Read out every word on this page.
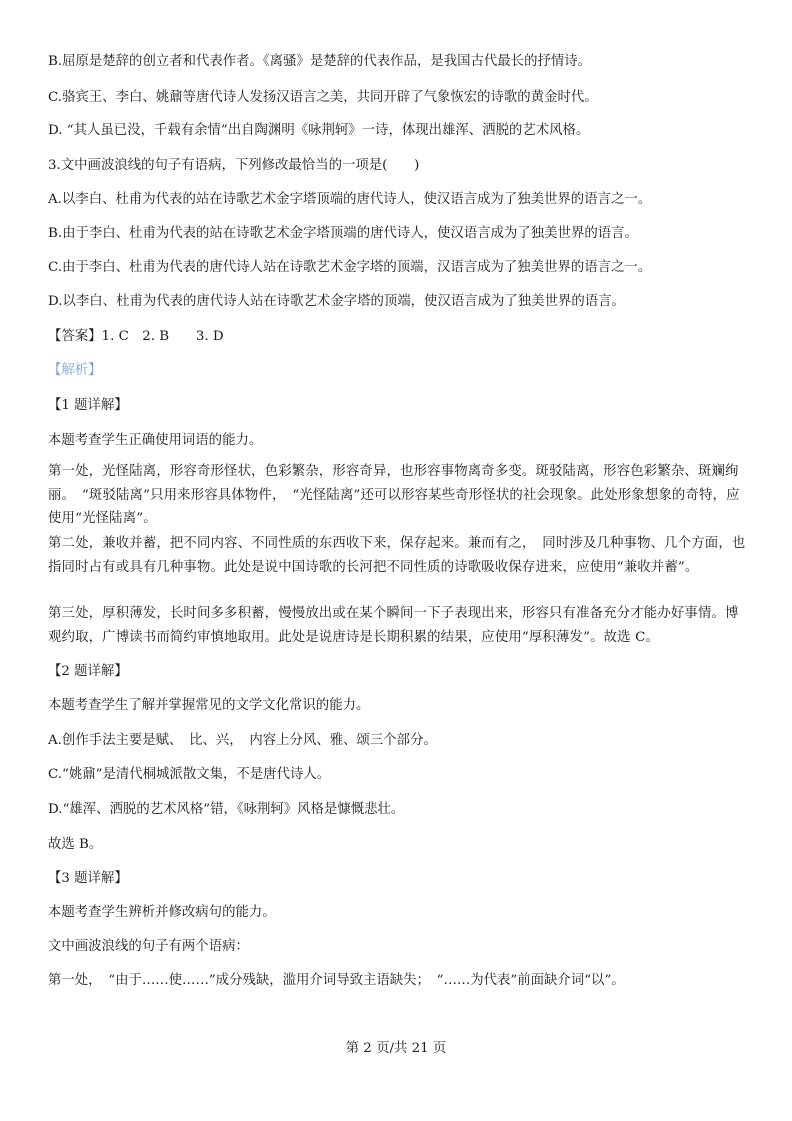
B.屈原是楚辞的创立者和代表作者。《离骚》是楚辞的代表作品，是我国古代最长的抒情诗。
C.骆宾王、李白、姚鼐等唐代诗人发扬汉语言之美，共同开辟了气象恢宏的诗歌的黄金时代。
D. “其人虽已没，千载有余情”出自陶渊明《咏荆轲》一诗，体现出雄浑、洒脱的艺术风格。
3.文中画波浪线的句子有语病，下列修改最恰当的一项是(　　)
A.以李白、杜甫为代表的站在诗歌艺术金字塔顶端的唐代诗人，使汉语言成为了独美世界的语言之一。
B.由于李白、杜甫为代表的站在诗歌艺术金字塔顶端的唐代诗人，使汉语言成为了独美世界的语言。
C.由于李白、杜甫为代表的唐代诗人站在诗歌艺术金字塔的顶端，汉语言成为了独美世界的语言之一。
D.以李白、杜甫为代表的唐代诗人站在诗歌艺术金字塔的顶端，使汉语言成为了独美世界的语言。
【答案】1. C　2. B　　3. D
【解析】
【1 题详解】
本题考查学生正确使用词语的能力。
第一处，光怪陆离，形容奇形怪状，色彩繁杂，形容奇异，也形容事物离奇多变。斑驳陆离，形容色彩繁杂、斑斓绚丽。　“斑驳陆离”只用来形容具体物件，　“光怪陆离”还可以形容某些奇形怪状的社会现象。此处形象想象的奇特，应使用“光怪陆离”。
第二处，兼收并蓄，把不同内容、不同性质的东西收下来，保存起来。兼而有之，　同时涉及几种事物、几个方面，也指同时占有或具有几种事物。此处是说中国诗歌的长河把不同性质的诗歌吸收保存进来，应使用“兼收并蓄”。
第三处，厚积薄发，长时间多多积蓄，慢慢放出或在某个瞬间一下子表现出来，形容只有准备充分才能办好事情。博观约取，广博读书而简约审慎地取用。此处是说唐诗是长期积累的结果，应使用“厚积薄发”。故选 C。
【2 题详解】
本题考查学生了解并掌握常见的文学文化常识的能力。
A.创作手法主要是赋、　比、兴，　内容上分风、雅、颂三个部分。
C.“姚鼐”是清代桐城派散文集，不是唐代诗人。
D.“雄浑、洒脱的艺术风格”错，《咏荆轲》风格是慷慨悲壮。
故选 B。
【3 题详解】
本题考查学生辨析并修改病句的能力。
文中画波浪线的句子有两个语病：
第一处，　“由于……使……”成分残缺，滥用介词导致主语缺失；　“……为代表”前面缺介词“以”。
第 2 页/共 21 页
